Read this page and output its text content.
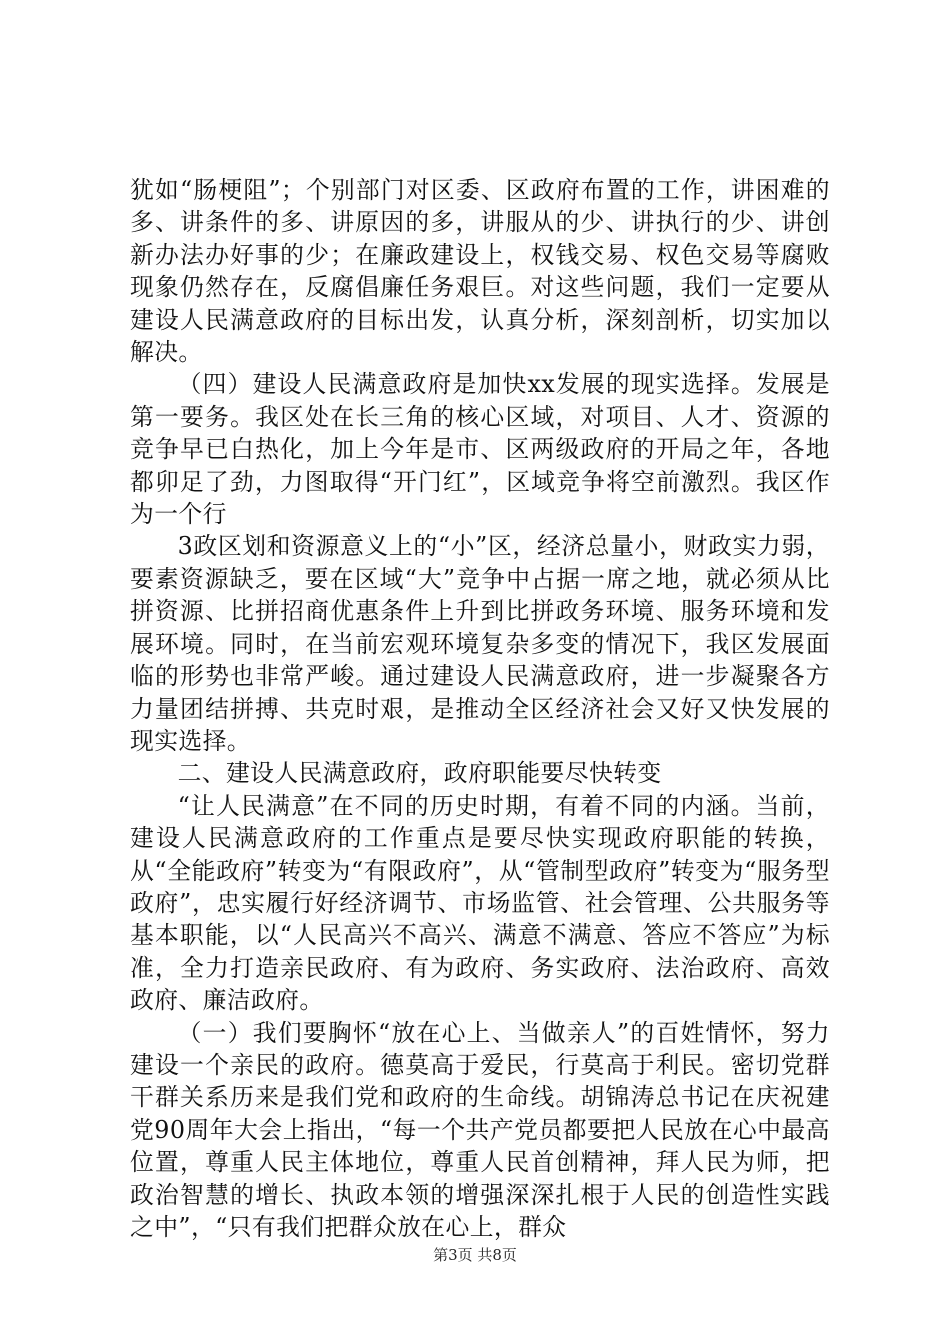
犹如“肠梗阻”；个别部门对区委、区政府布置的工作，讲困难的多、讲条件的多、讲原因的多，讲服从的少、讲执行的少、讲创新办法办好事的少；在廉政建设上，权钱交易、权色交易等腐败现象仍然存在，反腐倡廉任务艰巨。对这些问题，我们一定要从建设人民满意政府的目标出发，认真分析，深刻剖析，切实加以解决。

（四）建设人民满意政府是加快xx发展的现实选择。发展是第一要务。我区处在长三角的核心区域，对项目、人才、资源的竞争早已白热化，加上今年是市、区两级政府的开局之年，各地都卯足了劲，力图取得“开门红”，区域竞争将空前激烈。我区作为一个行

3政区划和资源意义上的“小”区，经济总量小，财政实力弱，要素资源缺乏，要在区域“大”竞争中占据一席之地，就必须从比拼资源、比拼招商优惠条件上升到比拼政务环境、服务环境和发展环境。同时，在当前宏观环境复杂多变的情况下，我区发展面临的形势也非常严峻。通过建设人民满意政府，进一步凝聚各方力量团结拼搏、共克时艰，是推动全区经济社会又好又快发展的现实选择。

二、建设人民满意政府，政府职能要尽快转变

“让人民满意”在不同的历史时期，有着不同的内涵。当前，建设人民满意政府的工作重点是要尽快实现政府职能的转换，从“全能政府”转变为“有限政府”，从“管制型政府”转变为“服务型政府”，忠实履行好经济调节、市场监管、社会管理、公共服务等基本职能，以“人民高兴不高兴、满意不满意、答应不答应”为标准，全力打造亲民政府、有为政府、务实政府、法治政府、高效政府、廉洁政府。

（一）我们要胸怀“放在心上、当做亲人”的百姓情怀，努力建设一个亲民的政府。德莫高于爱民，行莫高于利民。密切党群干群关系历来是我们党和政府的生命线。胡锦涛总书记在庆祝建党90周年大会上指出，“每一个共产党员都要把人民放在心中最高位置，尊重人民主体地位，尊重人民首创精神，拜人民为师，把政治智慧的增长、执政本领的增强深深扎根于人民的创造性实践之中”，“只有我们把群众放在心上，群众

第3页 共8页
